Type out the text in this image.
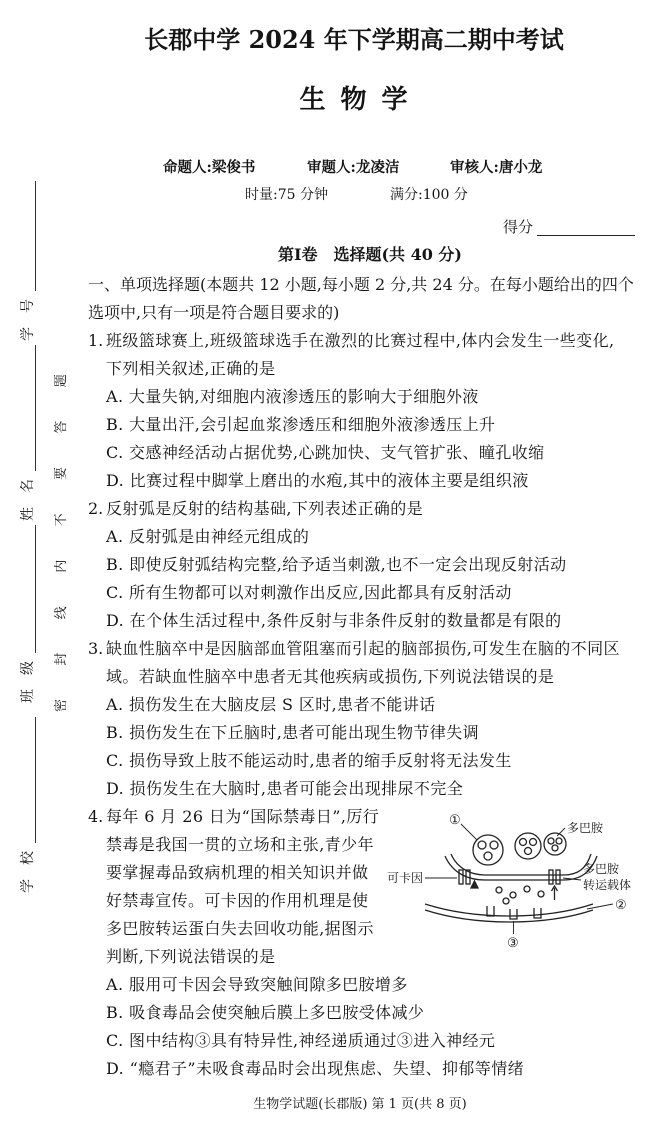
学校
班级
姓名
学号
密封线内不要答题
长郡中学 2024 年下学期高二期中考试
生 物 学
命题人:梁俊书	审题人:龙凌洁	审核人:唐小龙
时量:75 分钟	满分:100 分
得分
第Ⅰ卷　选择题(共 40 分)
一、单项选择题(本题共 12 小题,每小题 2 分,共 24 分。在每小题给出的四个
选项中,只有一项是符合题目要求的)
1. 班级篮球赛上,班级篮球选手在激烈的比赛过程中,体内会发生一些变化,
下列相关叙述,正确的是
A. 大量失钠,对细胞内液渗透压的影响大于细胞外液
B. 大量出汗,会引起血浆渗透压和细胞外液渗透压上升
C. 交感神经活动占据优势,心跳加快、支气管扩张、瞳孔收缩
D. 比赛过程中脚掌上磨出的水疱,其中的液体主要是组织液
2. 反射弧是反射的结构基础,下列表述正确的是
A. 反射弧是由神经元组成的
B. 即使反射弧结构完整,给予适当刺激,也不一定会出现反射活动
C. 所有生物都可以对刺激作出反应,因此都具有反射活动
D. 在个体生活过程中,条件反射与非条件反射的数量都是有限的
3. 缺血性脑卒中是因脑部血管阻塞而引起的脑部损伤,可发生在脑的不同区
域。若缺血性脑卒中患者无其他疾病或损伤,下列说法错误的是
A. 损伤发生在大脑皮层 S 区时,患者不能讲话
B. 损伤发生在下丘脑时,患者可能出现生物节律失调
C. 损伤导致上肢不能运动时,患者的缩手反射将无法发生
D. 损伤发生在大脑时,患者可能会出现排尿不完全
4. 每年 6 月 26 日为“国际禁毒日”,厉行
禁毒是我国一贯的立场和主张,青少年
要掌握毒品致病机理的相关知识并做
好禁毒宣传。可卡因的作用机理是使
多巴胺转运蛋白失去回收功能,据图示
判断,下列说法错误的是
A. 服用可卡因会导致突触间隙多巴胺增多
B. 吸食毒品会使突触后膜上多巴胺受体减少
C. 图中结构③具有特异性,神经递质通过③进入神经元
D. “瘾君子”未吸食毒品时会出现焦虑、失望、抑郁等情绪
①	多巴胺
可卡因
多巴胺
转运载体
②
③
生物学试题(长郡版) 第 1 页(共 8 页)
